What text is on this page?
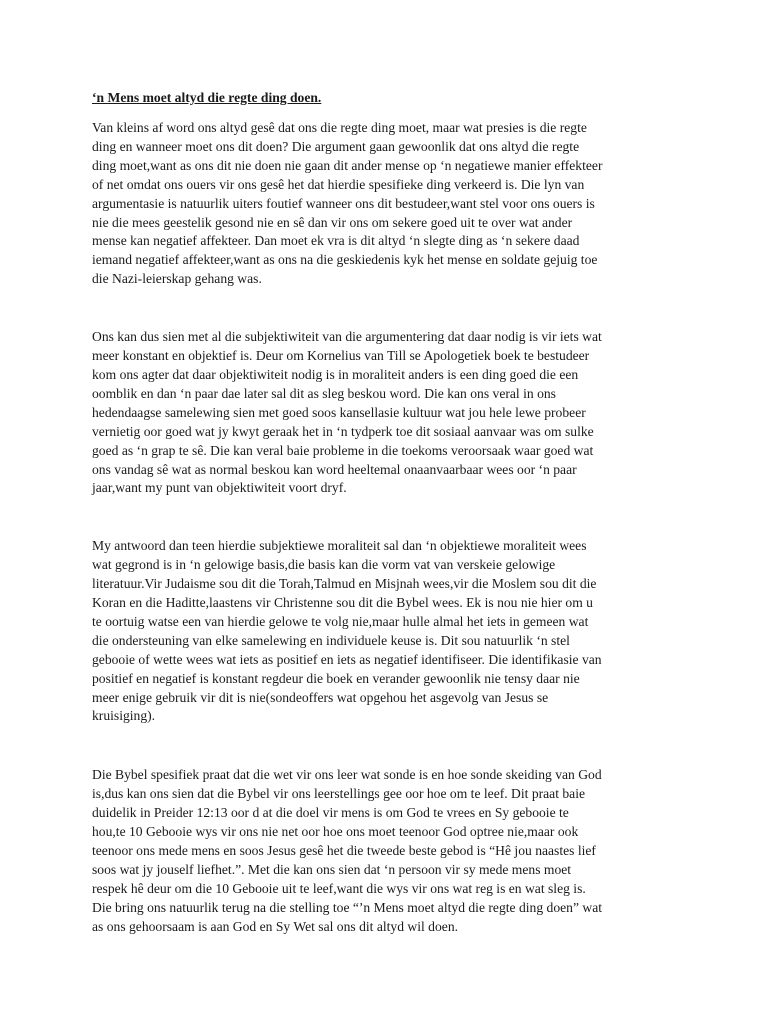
‘n Mens moet altyd die regte ding doen.

Van kleins af word ons altyd gesê dat ons die regte ding moet, maar wat presies is die regte
ding en wanneer moet ons dit doen? Die argument gaan gewoonlik dat ons altyd die regte
ding moet,want as ons dit nie doen nie gaan dit ander mense op ‘n negatiewe manier effekteer
of net omdat ons ouers vir ons gesê het dat hierdie spesifieke ding verkeerd is. Die lyn van
argumentasie is natuurlik uiters foutief wanneer ons dit bestudeer,want stel voor ons ouers is
nie die mees geestelik gesond nie en sê dan vir ons om sekere goed uit te over wat ander
mense kan negatief affekteer. Dan moet ek vra is dit altyd ‘n slegte ding as ‘n sekere daad
iemand negatief affekteer,want as ons na die geskiedenis kyk het mense en soldate gejuig toe
die Nazi-leierskap gehang was.

Ons kan dus sien met al die subjektiwiteit van die argumentering dat daar nodig is vir iets wat
meer konstant en objektief is. Deur om Kornelius van Till se Apologetiek boek te bestudeer
kom ons agter dat daar objektiwiteit nodig is in moraliteit anders is een ding goed die een
oomblik en dan ‘n paar dae later sal dit as sleg beskou word. Die kan ons veral in ons
hedendaagse samelewing sien met goed soos kansellasie kultuur wat jou hele lewe probeer
vernietig oor goed wat jy kwyt geraak het in ‘n tydperk toe dit sosiaal aanvaar was om sulke
goed as ‘n grap te sê. Die kan veral baie probleme in die toekoms veroorsaak waar goed wat
ons vandag sê wat as normal beskou kan word heeltemal onaanvaarbaar wees oor ‘n paar
jaar,want my punt van objektiwiteit voort dryf.

My antwoord dan teen hierdie subjektiewe moraliteit sal dan ‘n objektiewe moraliteit wees
wat gegrond is in ‘n gelowige basis,die basis kan die vorm vat van verskeie gelowige
literatuur.Vir Judaisme sou dit die Torah,Talmud en Misjnah wees,vir die Moslem sou dit die
Koran en die Haditte,laastens vir Christenne sou dit die Bybel wees. Ek is nou nie hier om u
te oortuig watse een van hierdie gelowe te volg nie,maar hulle almal het iets in gemeen wat
die ondersteuning van elke samelewing en individuele keuse is. Dit sou natuurlik ‘n stel
gebooie of wette wees wat iets as positief en iets as negatief identifiseer. Die identifikasie van
positief en negatief is konstant regdeur die boek en verander gewoonlik nie tensy daar nie
meer enige gebruik vir dit is nie(sondeoffers wat opgehou het asgevolg van Jesus se
kruisiging).

Die Bybel spesifiek praat dat die wet vir ons leer wat sonde is en hoe sonde skeiding van God
is,dus kan ons sien dat die Bybel vir ons leerstellings gee oor hoe om te leef. Dit praat baie
duidelik in Preider 12:13 oor d at die doel vir mens is om God te vrees en Sy gebooie te
hou,te 10 Gebooie wys vir ons nie net oor hoe ons moet teenoor God optree nie,maar ook
teenoor ons mede mens en soos Jesus gesê het die tweede beste gebod is “Hê jou naastes lief
soos wat jy jouself liefhet.”. Met die kan ons sien dat ‘n persoon vir sy mede mens moet
respek hê deur om die 10 Gebooie uit te leef,want die wys vir ons wat reg is en wat sleg is.
Die bring ons natuurlik terug na die stelling toe “’n Mens moet altyd die regte ding doen” wat
as ons gehoorsaam is aan God en Sy Wet sal ons dit altyd wil doen.
